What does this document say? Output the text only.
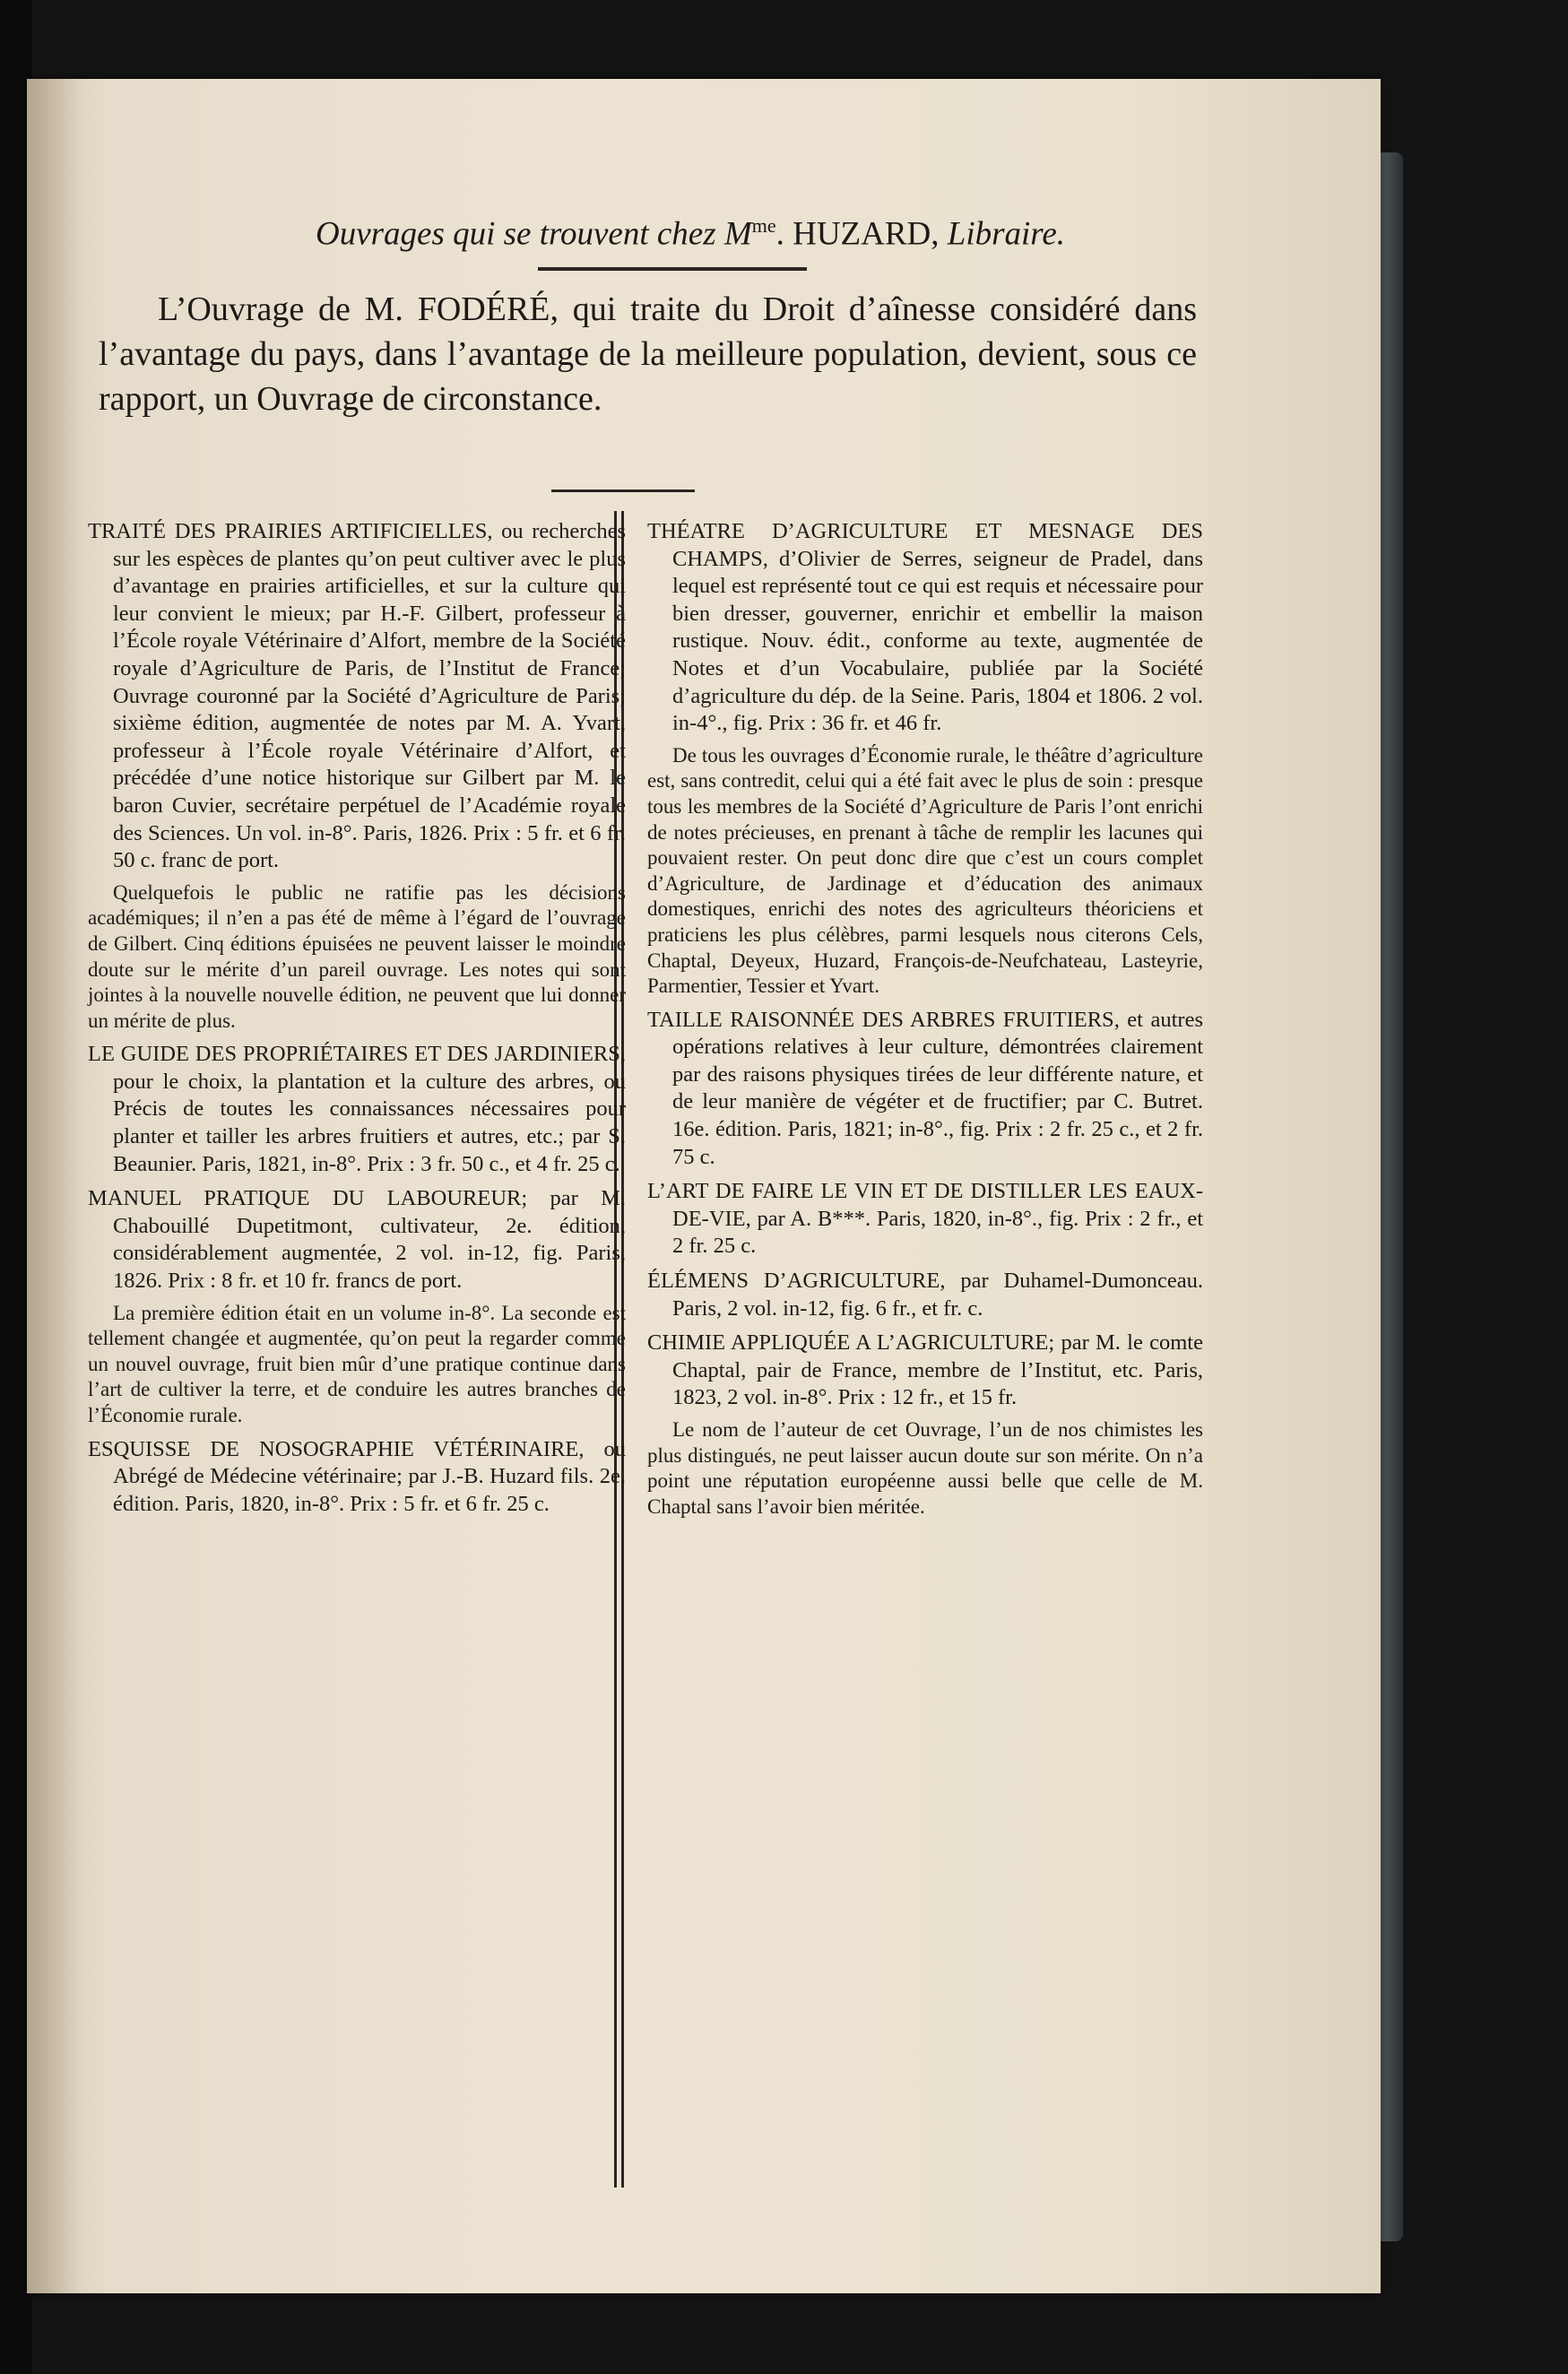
Ouvrages qui se trouvent chez $M^{me}$. HUZARD, Libraire.

L’Ouvrage de M. FODÉRÉ, qui traite du Droit d’aînesse considéré dans l’avantage du pays, dans l’avantage de la meilleure population, devient, sous ce rapport, un Ouvrage de circonstance.

TRAITÉ DES PRAIRIES ARTIFICIELLES, ou recherches sur les espèces de plantes qu’on peut cultiver avec le plus d’avantage en prairies artificielles, et sur la culture qui leur convient le mieux; par H.-F. Gilbert, professeur à l’École royale Vétérinaire d’Alfort, membre de la Société royale d’Agriculture de Paris, de l’Institut de France; Ouvrage couronné par la Société d’Agriculture de Paris; sixième édition, augmentée de notes par M. A. Yvart, professeur à l’École royale Vétérinaire d’Alfort, et précédée d’une notice historique sur Gilbert par M. le baron Cuvier, secrétaire perpétuel de l’Académie royale des Sciences. Un vol. in-8°. Paris, 1826. Prix : 5 fr. et 6 fr. 50 c. franc de port.

Quelquefois le public ne ratifie pas les décisions académiques; il n’en a pas été de même à l’égard de l’ouvrage de Gilbert. Cinq éditions épuisées ne peuvent laisser le moindre doute sur le mérite d’un pareil ouvrage. Les notes qui sont jointes à la nouvelle nouvelle édition, ne peuvent que lui donner un mérite de plus.

LE GUIDE DES PROPRIÉTAIRES ET DES JARDINIERS, pour le choix, la plantation et la culture des arbres, ou Précis de toutes les connaissances nécessaires pour planter et tailler les arbres fruitiers et autres, etc.; par S. Beaunier. Paris, 1821, in-8°. Prix : 3 fr. 50 c., et 4 fr. 25 c.

MANUEL PRATIQUE DU LABOUREUR; par M. Chabouillé Dupetitmont, cultivateur, 2e. édition, considérablement augmentée, 2 vol. in-12, fig. Paris, 1826. Prix : 8 fr. et 10 fr. francs de port.

La première édition était en un volume in-8°. La seconde est tellement changée et augmentée, qu’on peut la regarder comme un nouvel ouvrage, fruit bien mûr d’une pratique continue dans l’art de cultiver la terre, et de conduire les autres branches de l’Économie rurale.

ESQUISSE DE NOSOGRAPHIE VÉTÉRINAIRE, ou Abrégé de Médecine vétérinaire; par J.-B. Huzard fils. 2e. édition. Paris, 1820, in-8°. Prix : 5 fr. et 6 fr. 25 c.

THÉATRE D’AGRICULTURE ET MESNAGE DES CHAMPS, d’Olivier de Serres, seigneur de Pradel, dans lequel est représenté tout ce qui est requis et nécessaire pour bien dresser, gouverner, enrichir et embellir la maison rustique. Nouv. édit., conforme au texte, augmentée de Notes et d’un Vocabulaire, publiée par la Société d’agriculture du dép. de la Seine. Paris, 1804 et 1806. 2 vol. in-4°., fig. Prix : 36 fr. et 46 fr.

De tous les ouvrages d’Économie rurale, le théâtre d’agriculture est, sans contredit, celui qui a été fait avec le plus de soin : presque tous les membres de la Société d’Agriculture de Paris l’ont enrichi de notes précieuses, en prenant à tâche de remplir les lacunes qui pouvaient rester. On peut donc dire que c’est un cours complet d’Agriculture, de Jardinage et d’éducation des animaux domestiques, enrichi des notes des agriculteurs théoriciens et praticiens les plus célèbres, parmi lesquels nous citerons Cels, Chaptal, Deyeux, Huzard, François-de-Neufchateau, Lasteyrie, Parmentier, Tessier et Yvart.

TAILLE RAISONNÉE DES ARBRES FRUITIERS, et autres opérations relatives à leur culture, démontrées clairement par des raisons physiques tirées de leur différente nature, et de leur manière de végéter et de fructifier; par C. Butret. 16e. édition. Paris, 1821; in-8°., fig. Prix : 2 fr. 25 c., et 2 fr. 75 c.

L’ART DE FAIRE LE VIN ET DE DISTILLER LES EAUX-DE-VIE, par A. B***. Paris, 1820, in-8°., fig. Prix : 2 fr., et 2 fr. 25 c.

ÉLÉMENS D’AGRICULTURE, par Duhamel-Dumonceau. Paris, 2 vol. in-12, fig. 6 fr., et fr. c.

CHIMIE APPLIQUÉE A L’AGRICULTURE; par M. le comte Chaptal, pair de France, membre de l’Institut, etc. Paris, 1823, 2 vol. in-8°. Prix : 12 fr., et 15 fr.

Le nom de l’auteur de cet Ouvrage, l’un de nos chimistes les plus distingués, ne peut laisser aucun doute sur son mérite. On n’a point une réputation européenne aussi belle que celle de M. Chaptal sans l’avoir bien méritée.
